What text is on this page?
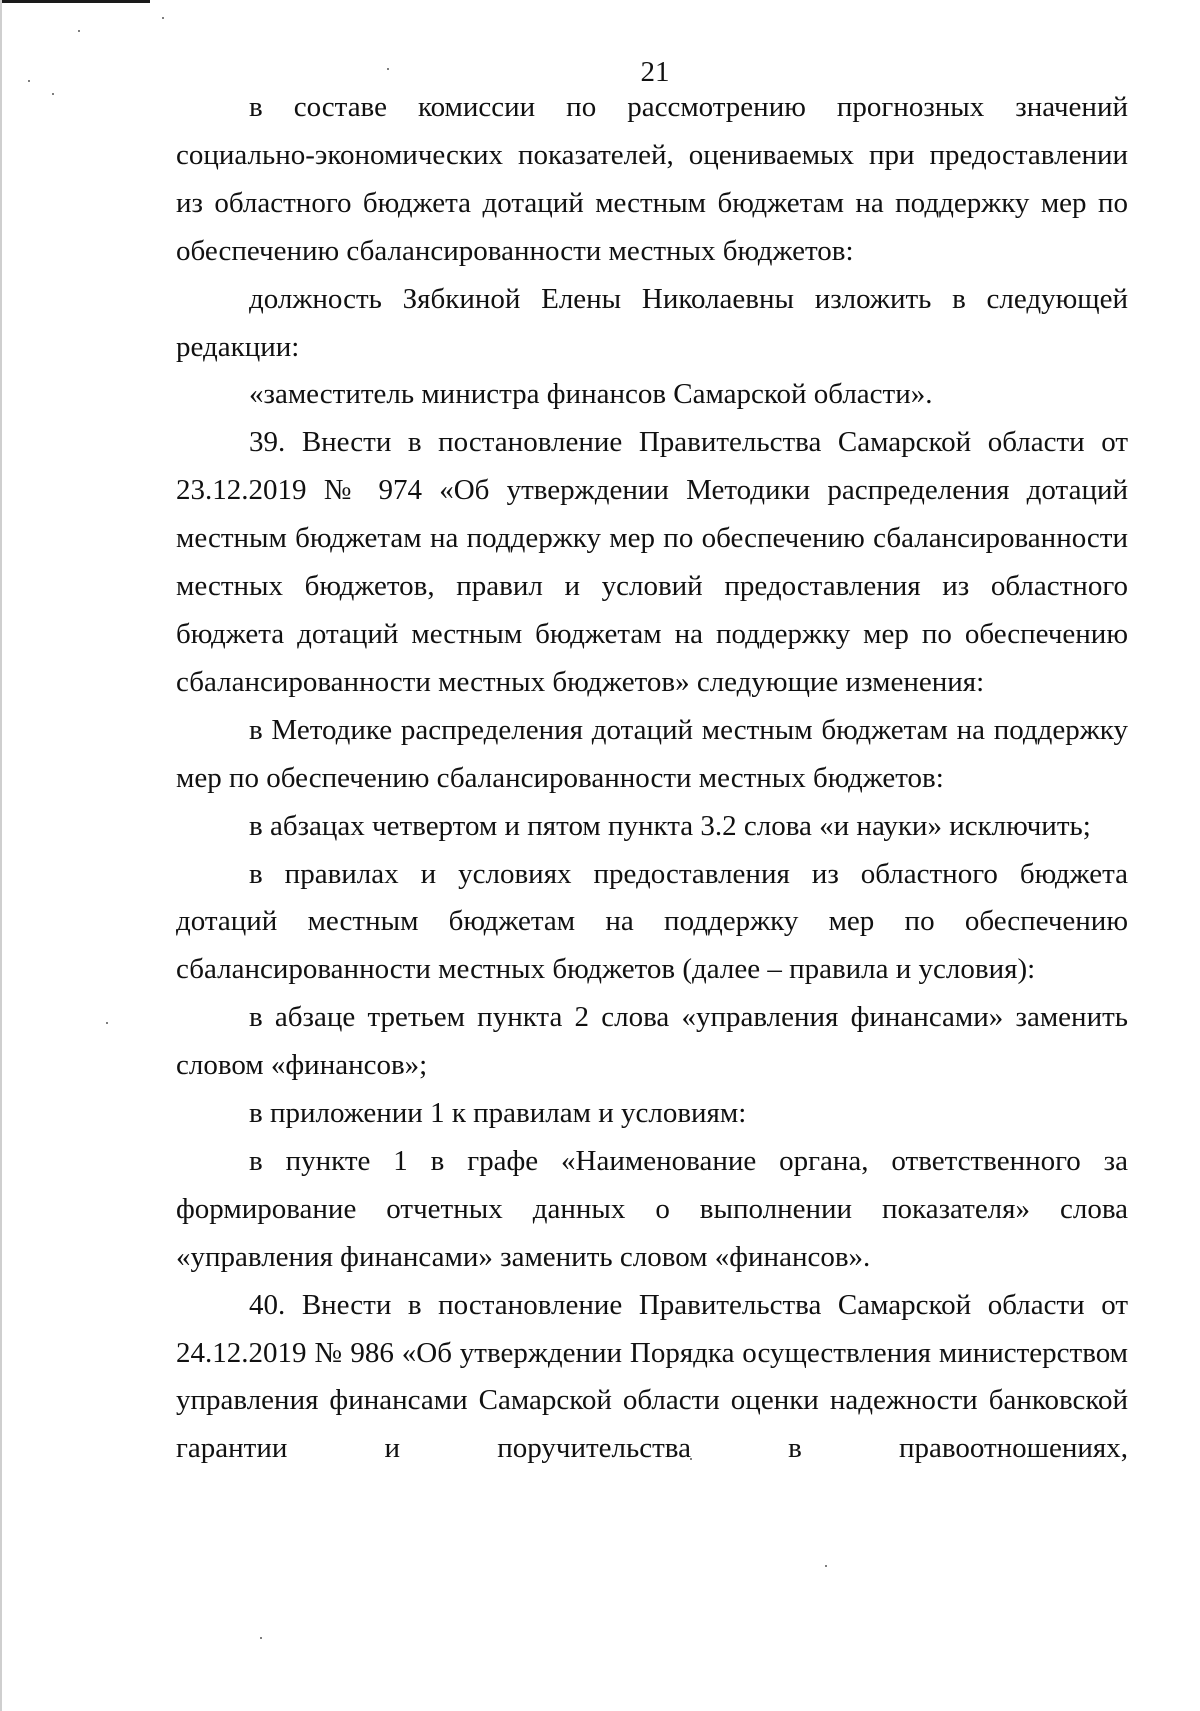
21

в составе комиссии по рассмотрению прогнозных значений социально-экономических показателей, оцениваемых при предоставлении из областного бюджета дотаций местным бюджетам на поддержку мер по обеспечению сбалансированности местных бюджетов:

должность Зябкиной Елены Николаевны изложить в следующей редакции:

«заместитель министра финансов Самарской области».

39. Внести в постановление Правительства Самарской области от 23.12.2019 № 974 «Об утверждении Методики распределения дотаций местным бюджетам на поддержку мер по обеспечению сбалансированности местных бюджетов, правил и условий предоставления из областного бюджета дотаций местным бюджетам на поддержку мер по обеспечению сбалансированности местных бюджетов» следующие изменения:

в Методике распределения дотаций местным бюджетам на поддержку мер по обеспечению сбалансированности местных бюджетов:

в абзацах четвертом и пятом пункта 3.2 слова «и науки» исключить;

в правилах и условиях предоставления из областного бюджета дотаций местным бюджетам на поддержку мер по обеспечению сбалансированности местных бюджетов (далее – правила и условия):

в абзаце третьем пункта 2 слова «управления финансами» заменить словом «финансов»;

в приложении 1 к правилам и условиям:

в пункте 1 в графе «Наименование органа, ответственного за формирование отчетных данных о выполнении показателя» слова «управления финансами» заменить словом «финансов».

40. Внести в постановление Правительства Самарской области от 24.12.2019 № 986 «Об утверждении Порядка осуществления министерством управления финансами Самарской области оценки надежности банковской гарантии и поручительства в правоотношениях,
